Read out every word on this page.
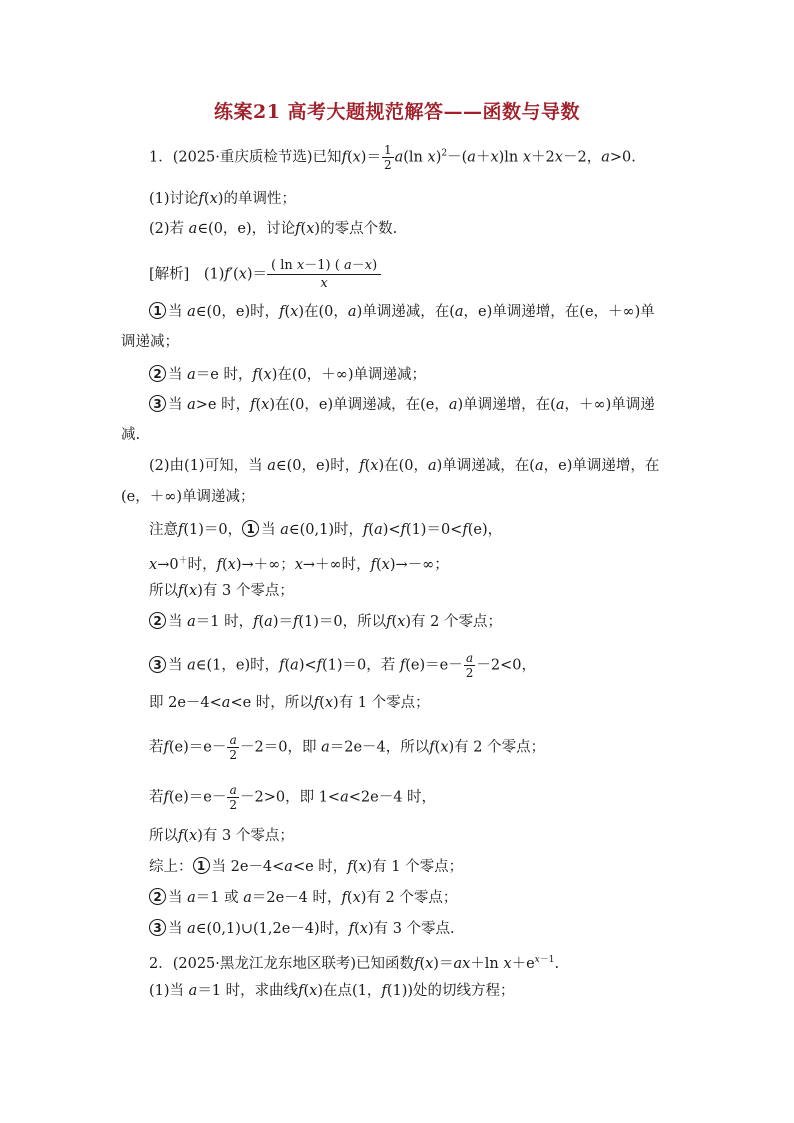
练案21 高考大题规范解答——函数与导数
1．(2025·重庆质检节选)已知$f(x)= \frac{1}{2} a(\ln$ x)$^2$－(a＋x)ln x＋2x－2，a>0.
(1)讨论f(x)的单调性；
(2)若 a∈(0，e)，讨论f(x)的零点个数.
[解析]　$(1)f'(x)= \frac{\text{( ln x－1) ( a－x)}}{x}$
1 当 a∈(0，e)时，f(x)在(0，a)单调递减，在(a，e)单调递增，在(e，＋∞)单
调递减；
2 当 a＝e 时，f(x)在(0，＋∞)单调递减；
3 当 a>e 时，f(x)在(0，e)单调递减，在(e，a)单调递增，在(a，＋∞)单调递
减.
(2)由(1)可知，当 a∈(0，e)时，f(x)在(0，a)单调递减，在(a，e)单调递增，在
(e，＋∞)单调递减；
注意f(1)＝0， 1 当 a∈(0,1)时，f(a)<f(1)＝0<f(e)，
x→0＋时，f(x)→＋∞；x→＋∞时，f(x)→－∞；
所以f(x)有 3 个零点；
2 当 a＝1 时，f(a)＝f(1)＝0，所以f(x)有 2 个零点；
3 当 a∈(1，e)时，f(a)<f(1)＝0，若 $f(e)=e- \frac{a}{2} -2<0$，
即 2e－4<a<e 时，所以f(x)有 1 个零点；
若$f(e)=e- \frac{a}{2} -2=0$，即 a＝2e－4，所以f(x)有 2 个零点；
若$f(e)=e- \frac{a}{2} -2>0$，即 1<a<2e－4 时，
所以f(x)有 3 个零点；
综上： 1 当 2e－4<a<e 时，f(x)有 1 个零点；
2 当 a＝1 或 a＝2e－4 时，f(x)有 2 个零点；
3 当 a∈(0,1)∪(1,2e－4)时，f(x)有 3 个零点.
2．(2025·黑龙江龙东地区联考)已知函数f(x)＝ax＋ln $x+e^{x-1}$.
(1)当 a＝1 时，求曲线f(x)在点(1，f(1))处的切线方程；
